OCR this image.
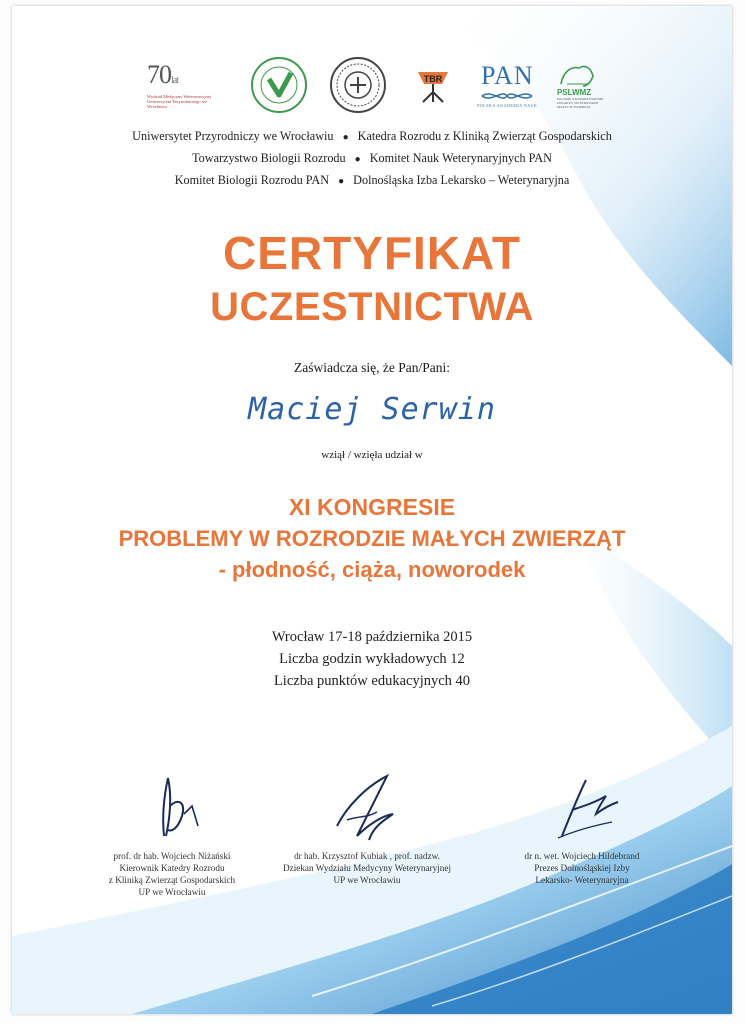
70lat
Wydział Medycyny Weterynaryjnej Uniwersytetu Przyrodniczego we Wrocławiu
TBR PAN
POLSKA AKADEMIA NAUK
PSLWMZ
POLSKIE STOWARZYSZENIE LEKARZY WETERYNARII MAŁYCH ZWIERZĄT
Uniwersytet Przyrodniczy we Wrocławiu ● Katedra Rozrodu z Kliniką Zwierząt Gospodarskich
Towarzystwo Biologii Rozrodu ● Komitet Nauk Weterynaryjnych PAN
Komitet Biologii Rozrodu PAN ● Dolnośląska Izba Lekarsko – Weterynaryjna
CERTYFIKAT
UCZESTNICTWA
Zaświadcza się, że Pan/Pani:
Maciej Serwin
wziął / wzięła udział w
XI KONGRESIE
PROBLEMY W ROZRODZIE MAŁYCH ZWIERZĄT
- płodność, ciąża, noworodek
Wrocław 17-18 października 2015
Liczba godzin wykładowych 12
Liczba punktów edukacyjnych 40
prof. dr hab. Wojciech Niżański
Kierownik Katedry Rozrodu
z Kliniką Zwierząt Gospodarskich
UP we Wrocławiu
dr hab. Krzysztof Kubiak , prof. nadzw.
Dziekan Wydziału Medycyny Weterynaryjnej
UP we Wrocławiu
dr n. wet. Wojciech Hildebrand
Prezes Dolnośląskiej Izby
Lekarsko- Weterynaryjna
